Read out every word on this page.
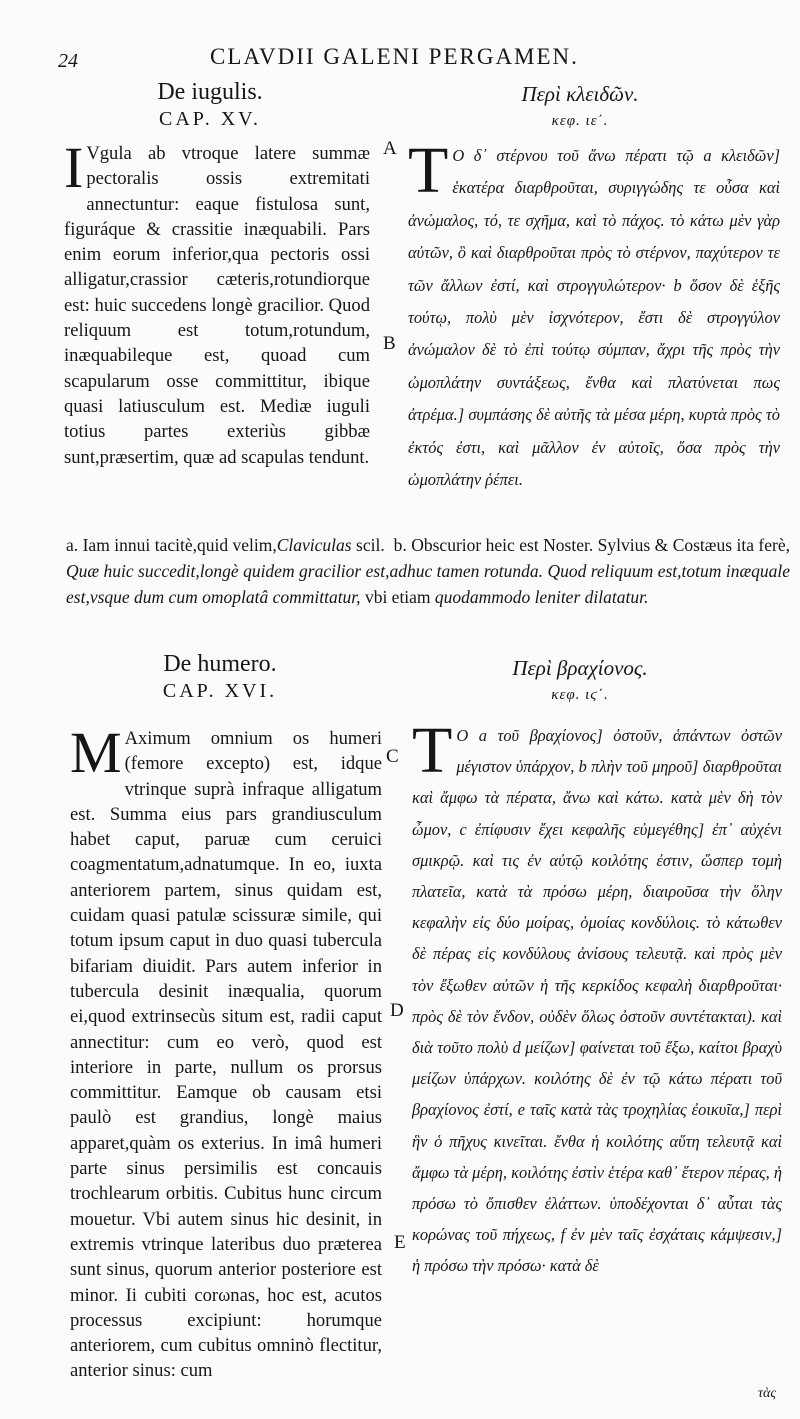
24	CLAVDII GALENI PERGAMEN.
De iugulis.
CAP. XV.
Περὶ κλειδῶν.
κεφ. ιε΄.
I Vgula ab vtroque latere summæ pectoralis ossis extremitati annectuntur: eaque fistulosa sunt, figuráque & crassitie inæquabili. Pars enim eorum inferior,qua pectoris ossi alligatur,crassior cæteris,rotundiorque est: huic succedens longè gracilior. Quod reliquum est totum,rotundum, inæquabileque est, quoad cum scapularum osse committitur, ibique quasi latiusculum est. Mediæ iuguli totius partes exteriùs gibbæ sunt,præsertim, quæ ad scapulas tendunt.
A
B
T Ο δ᾽ στέρνου τοῦ ἄνω πέρατι τῷ a κλειδῶν] ἑκατέρα διαρθροῦται, συριγγώδης τε οὖσα καὶ ἀνώμαλος, τό, τε σχῆμα, καὶ τὸ πάχος. τὸ κάτω μὲν γὰρ αὐτῶν, ὃ καὶ διαρθροῦται πρὸς τὸ στέρνον, παχύτερον τε τῶν ἄλλων ἐστί, καὶ στρογγυλώτερον· b ὅσον δὲ ἑξῆς τούτῳ, πολὺ μὲν ἰσχνότερον, ἔστι δὲ στρογγύλον ἀνώμαλον δὲ τὸ ἐπὶ τούτῳ σύμπαν, ἄχρι τῆς πρὸς τὴν ὠμοπλάτην συντάξεως, ἔνθα καὶ πλατύνεται πως ἀτρέμα.] συμπάσης δὲ αὐτῆς τὰ μέσα μέρη, κυρτὰ πρὸς τὸ ἐκτός ἐστι, καὶ μᾶλλον ἐν αὐτοῖς, ὅσα πρὸς τὴν ὠμοπλάτην ῥέπει.
a. Iam innui tacitè,quid velim,Claviculas scil. b. Obscurior heic est Noster. Sylvius & Costæus ita ferè, Quæ huic succedit,longè quidem gracilior est,adhuc tamen rotunda. Quod reliquum est,totum inæquale est,vsque dum cum omoplatâ committatur, vbi etiam quodammodo leniter dilatatur.
De humero.
CAP. XVI.
Περὶ βραχίονος.
κεφ. ιϛ΄.
M Aximum omnium os humeri (femore excepto) est, idque vtrinque suprà infraque alligatum est. Summa eius pars grandiusculum habet caput, paruæ cum ceruici coagmentatum,adnatumque. In eo, iuxta anteriorem partem, sinus quidam est, cuidam quasi patulæ scissuræ simile, qui totum ipsum caput in duo quasi tubercula bifariam diuidit. Pars autem inferior in tubercula desinit inæqualia, quorum ei,quod extrinsecùs situm est, radii caput annectitur: cum eo verò, quod est interiore in parte, nullum os prorsus committitur. Eamque ob causam etsi paulò est grandius, longè maius apparet,quàm os exterius. In imâ humeri parte sinus persimilis est concauis trochlearum orbitis. Cubitus hunc circum mouetur. Vbi autem sinus hic desinit, in extremis vtrinque lateribus duo præterea sunt sinus, quorum anterior posteriore est minor. Ii cubiti corωnas, hoc est, acutos processus excipiunt: horumque anteriorem, cum cubitus omninò flectitur, anterior sinus: cum
C
D
E
T Ο a τοῦ βραχίονος] ὀστοῦν, ἁπάντων ὀστῶν μέγιστον ὑπάρχον, b πλὴν τοῦ μηροῦ] διαρθροῦται καὶ ἄμφω τὰ πέρατα, ἄνω καὶ κάτω. κατὰ μὲν δὴ τὸν ὦμον, c ἐπίφυσιν ἔχει κεφαλῆς εὐμεγέθης] ἐπ᾽ αὐχένι σμικρῷ. καὶ τις ἐν αὐτῷ κοιλότης ἐστιν, ὥσπερ τομὴ πλατεῖα, κατὰ τὰ πρόσω μέρη, διαιροῦσα τὴν ὅλην κεφαλὴν εἰς δύο μοίρας, ὁμοίας κονδύλοις. τὸ κάτωθεν δὲ πέρας εἰς κονδύλους ἀνίσους τελευτᾷ. καὶ πρὸς μὲν τὸν ἔξωθεν αὐτῶν ἡ τῆς κερκίδος κεφαλὴ διαρθροῦται· πρὸς δὲ τὸν ἔνδον, οὐδὲν ὅλως ὀστοῦν συντέτακται). καὶ διὰ τοῦτο πολὺ d μείζων] φαίνεται τοῦ ἔξω, καίτοι βραχὺ μείζων ὑπάρχων. κοιλότης δὲ ἐν τῷ κάτω πέρατι τοῦ βραχίονος ἐστί, e ταῖς κατὰ τὰς τροχηλίας ἐοικυῖα,] περὶ ἣν ὁ πῆχυς κινεῖται. ἔνθα ἡ κοιλότης αὕτη τελευτᾷ καὶ ἄμφω τὰ μέρη, κοιλότης ἐστὶν ἑτέρα καθ᾽ ἕτερον πέρας, ἡ πρόσω τὸ ὄπισθεν ἐλάττων. ὑποδέχονται δ᾽ αὗται τὰς κορώνας τοῦ πήχεως, f ἐν μὲν ταῖς ἐσχάταις κάμψεσιν,] ἡ πρόσω τὴν πρόσω· κατὰ δὲ
τὰς
